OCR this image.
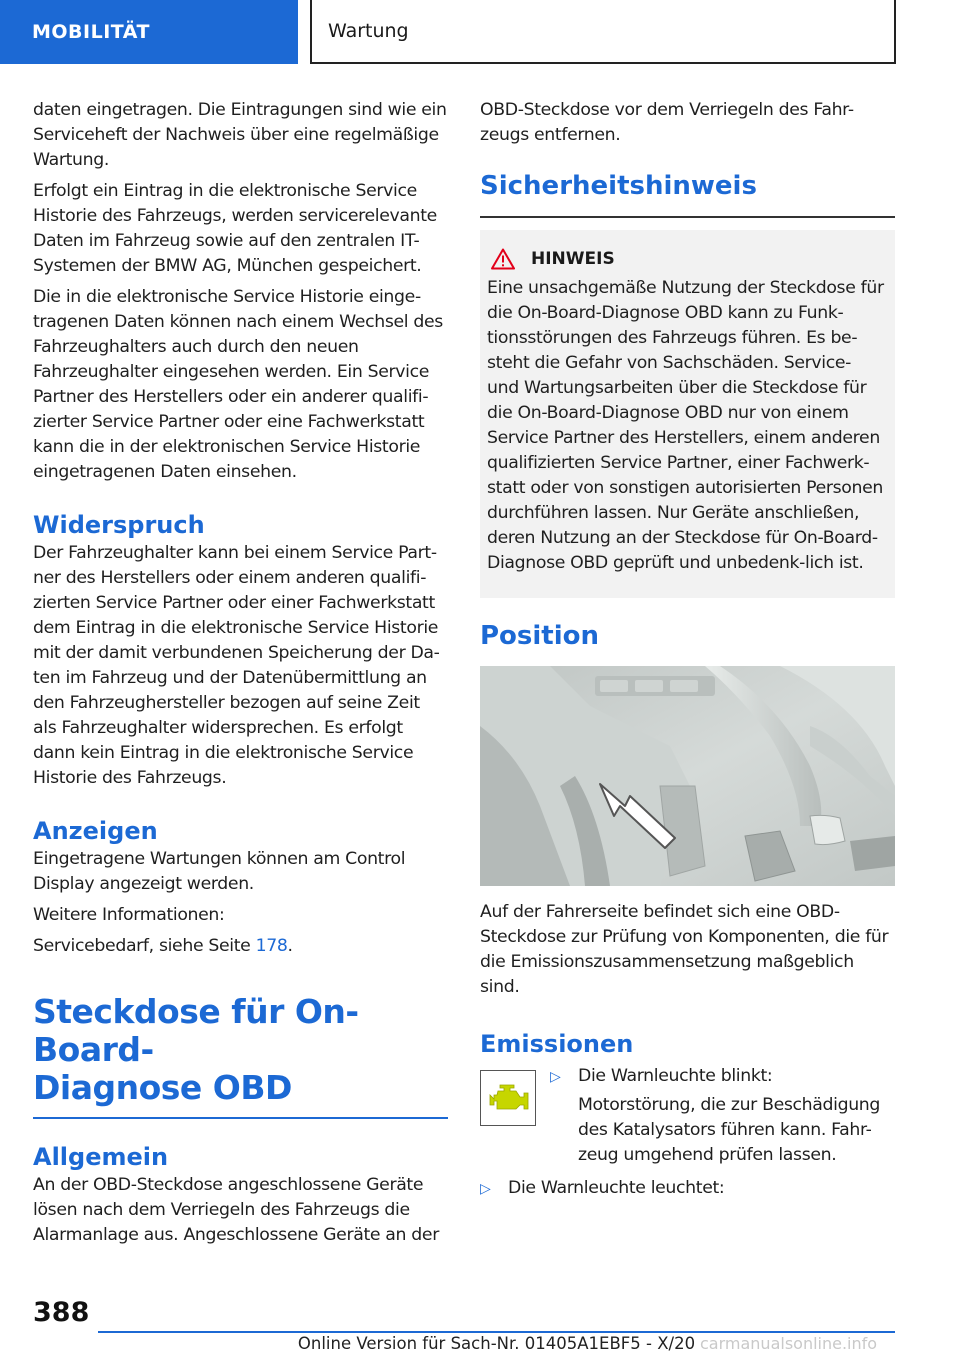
MOBILITÄT	Wartung

daten eingetragen. Die Eintragungen sind wie ein Serviceheft der Nachweis über eine regelmäßige Wartung.

Erfolgt ein Eintrag in die elektronische Service Historie des Fahrzeugs, werden servicerelevante Daten im Fahrzeug sowie auf den zentralen IT-Systemen der BMW AG, München gespeichert.

Die in die elektronische Service Historie einge-tragenen Daten können nach einem Wechsel des Fahrzeughalters auch durch den neuen Fahrzeughalter eingesehen werden. Ein Service Partner des Herstellers oder ein anderer qualifi-zierter Service Partner oder eine Fachwerkstatt kann die in der elektronischen Service Historie eingetragenen Daten einsehen.

Widerspruch

Der Fahrzeughalter kann bei einem Service Part-ner des Herstellers oder einem anderen qualifi-zierten Service Partner oder einer Fachwerkstatt dem Eintrag in die elektronische Service Historie mit der damit verbundenen Speicherung der Da-ten im Fahrzeug und der Datenübermittlung an den Fahrzeughersteller bezogen auf seine Zeit als Fahrzeughalter widersprechen. Es erfolgt dann kein Eintrag in die elektronische Service Historie des Fahrzeugs.

Anzeigen

Eingetragene Wartungen können am Control Display angezeigt werden.

Weitere Informationen:

Servicebedarf, siehe Seite 178.

Steckdose für On-Board-
Diagnose OBD
Allgemein

An der OBD-Steckdose angeschlossene Geräte lösen nach dem Verriegeln des Fahrzeugs die Alarmanlage aus. Angeschlossene Geräte an der

OBD-Steckdose vor dem Verriegeln des Fahr-zeugs entfernen.

Sicherheitshinweis
HINWEIS

Eine unsachgemäße Nutzung der Steckdose für die On-Board-Diagnose OBD kann zu Funk-tionsstörungen des Fahrzeugs führen. Es be-steht die Gefahr von Sachschäden. Service- und Wartungsarbeiten über die Steckdose für die On-Board-Diagnose OBD nur von einem Service Partner des Herstellers, einem anderen qualifizierten Service Partner, einer Fachwerk-statt oder von sonstigen autorisierten Personen durchführen lassen. Nur Geräte anschließen, deren Nutzung an der Steckdose für On-Board-Diagnose OBD geprüft und unbedenk-lich ist.

Position

Auf der Fahrerseite befindet sich eine OBD-Steckdose zur Prüfung von Komponenten, die für die Emissionszusammensetzung maßgeblich sind.

Emissionen
▷ Die Warnleuchte blinkt:

Motorstörung, die zur Beschädigung des Katalysators führen kann. Fahr-zeug umgehend prüfen lassen.

▷ Die Warnleuchte leuchtet:

388
Online Version für Sach-Nr. 01405A1EBF5 - X/20 carmanualsonline.info
